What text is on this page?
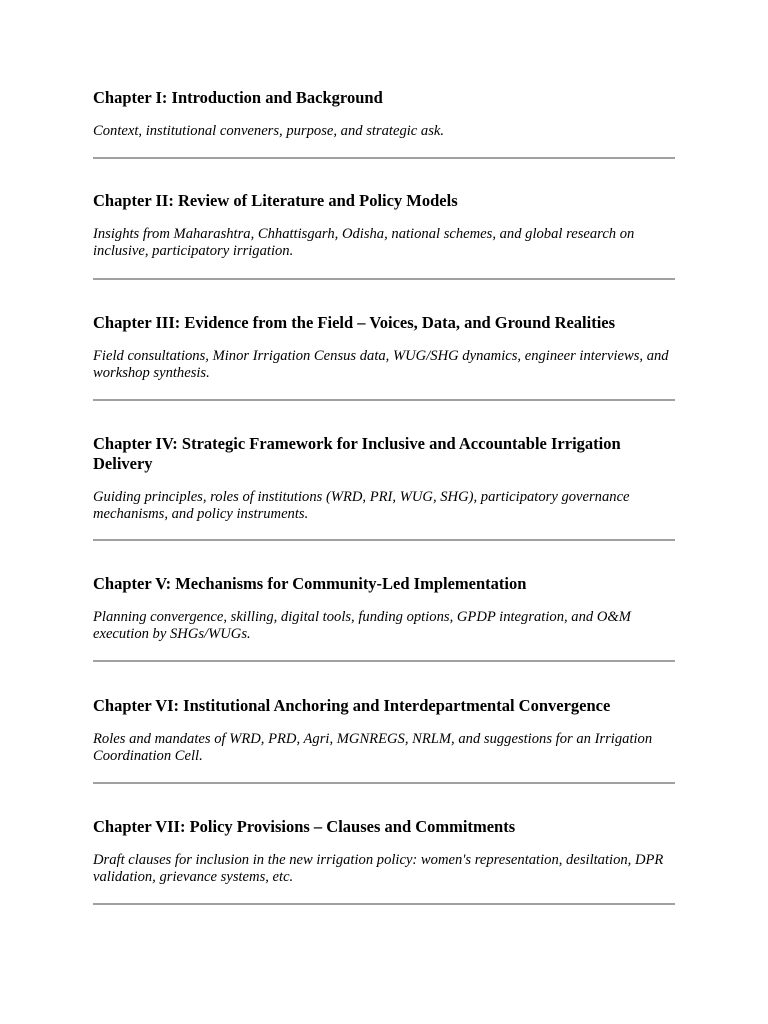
Chapter I: Introduction and Background

Context, institutional conveners, purpose, and strategic ask.

Chapter II: Review of Literature and Policy Models

Insights from Maharashtra, Chhattisgarh, Odisha, national schemes, and global research on inclusive, participatory irrigation.

Chapter III: Evidence from the Field – Voices, Data, and Ground Realities

Field consultations, Minor Irrigation Census data, WUG/SHG dynamics, engineer interviews, and workshop synthesis.

Chapter IV: Strategic Framework for Inclusive and Accountable Irrigation Delivery

Guiding principles, roles of institutions (WRD, PRI, WUG, SHG), participatory governance mechanisms, and policy instruments.

Chapter V: Mechanisms for Community-Led Implementation

Planning convergence, skilling, digital tools, funding options, GPDP integration, and O&M execution by SHGs/WUGs.

Chapter VI: Institutional Anchoring and Interdepartmental Convergence

Roles and mandates of WRD, PRD, Agri, MGNREGS, NRLM, and suggestions for an Irrigation Coordination Cell.

Chapter VII: Policy Provisions – Clauses and Commitments

Draft clauses for inclusion in the new irrigation policy: women's representation, desiltation, DPR validation, grievance systems, etc.
